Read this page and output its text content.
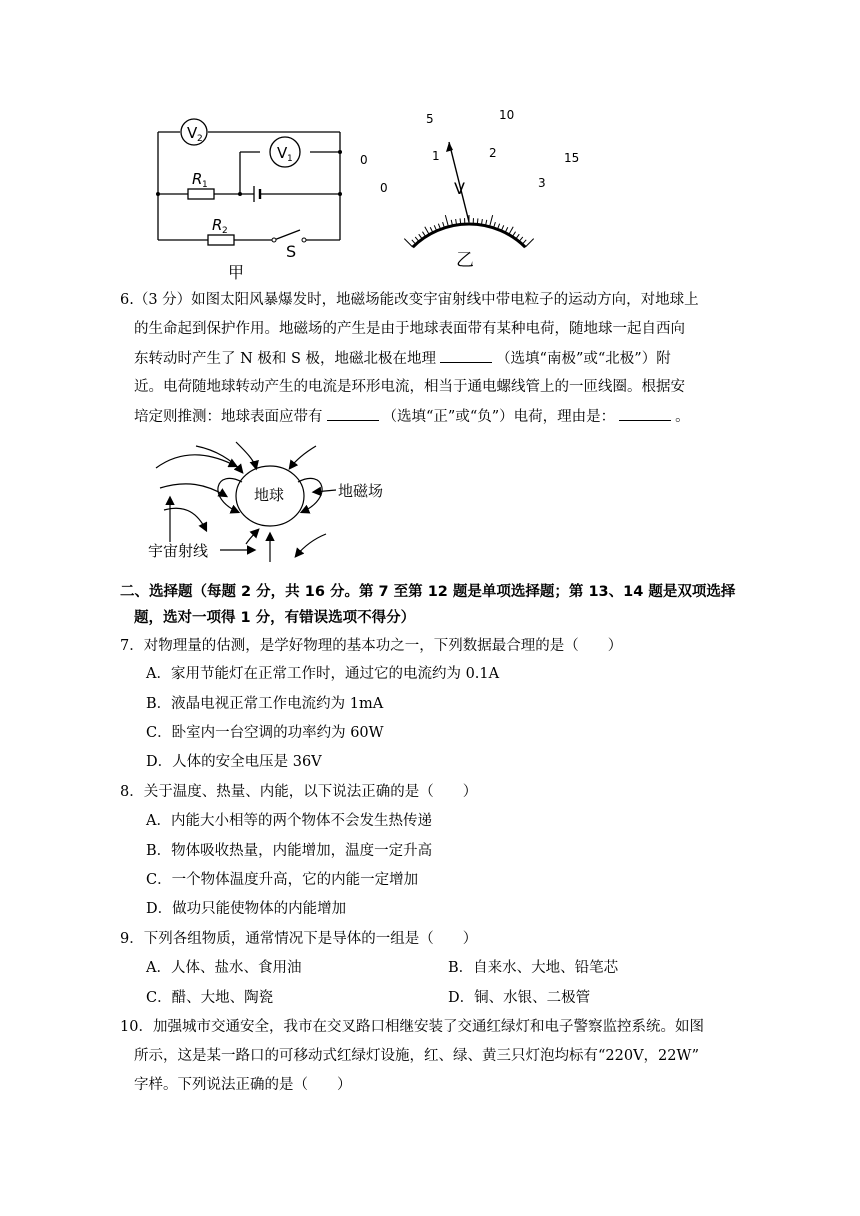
V 2
V 1
R 1
R 2
S
甲
0
5	10
15
0
1	2
3
V
乙
6.（3 分）如图太阳风暴爆发时，地磁场能改变宇宙射线中带电粒子的运动方向，对地球上
的生命起到保护作用。地磁场的产生是由于地球表面带有某种电荷，随地球一起自西向
东转动时产生了 N 极和 S 极，地磁北极在地理	（选填“南极”或“北极”）附
近。电荷随地球转动产生的电流是环形电流，相当于通电螺线管上的一匝线圈。根据安
培定则推测：地球表面应带有	（选填“正”或“负”）电荷，理由是：	。
地球	地磁场
宇宙射线
二、选择题（每题 2 分，共 16 分。第 7 至第 12 题是单项选择题；第 13、14 题是双项选择
题，选对一项得 1 分，有错误选项不得分）
7．对物理量的估测，是学好物理的基本功之一，下列数据最合理的是（　　）
A．家用节能灯在正常工作时，通过它的电流约为 0.1A
B．液晶电视正常工作电流约为 1mA
C．卧室内一台空调的功率约为 60W
D．人体的安全电压是 36V
8．关于温度、热量、内能，以下说法正确的是（　　）
A．内能大小相等的两个物体不会发生热传递
B．物体吸收热量，内能增加，温度一定升高
C．一个物体温度升高，它的内能一定增加
D．做功只能使物体的内能增加
9．下列各组物质，通常情况下是导体的一组是（　　）
A．人体、盐水、食用油	B．自来水、大地、铅笔芯
C．醋、大地、陶瓷	D．铜、水银、二极管
10．加强城市交通安全，我市在交叉路口相继安装了交通红绿灯和电子警察监控系统。如图
所示，这是某一路口的可移动式红绿灯设施，红、绿、黄三只灯泡均标有“220V，22W”
字样。下列说法正确的是（　　）
